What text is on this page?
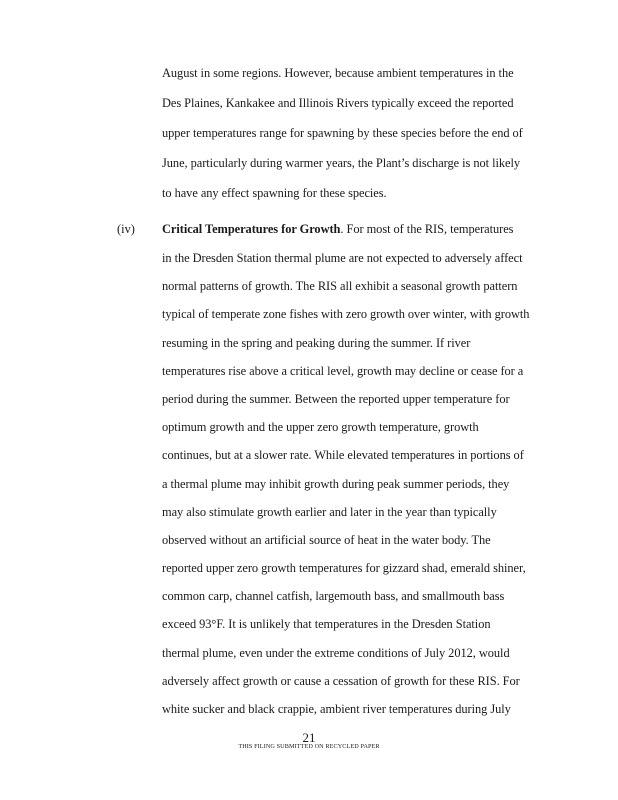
August in some regions. However, because ambient temperatures in the
Des Plaines, Kankakee and Illinois Rivers typically exceed the reported
upper temperatures range for spawning by these species before the end of
June, particularly during warmer years, the Plant’s discharge is not likely
to have any effect spawning for these species.
(iv) Critical Temperatures for Growth. For most of the RIS, temperatures
in the Dresden Station thermal plume are not expected to adversely affect
normal patterns of growth. The RIS all exhibit a seasonal growth pattern
typical of temperate zone fishes with zero growth over winter, with growth
resuming in the spring and peaking during the summer. If river
temperatures rise above a critical level, growth may decline or cease for a
period during the summer. Between the reported upper temperature for
optimum growth and the upper zero growth temperature, growth
continues, but at a slower rate. While elevated temperatures in portions of
a thermal plume may inhibit growth during peak summer periods, they
may also stimulate growth earlier and later in the year than typically
observed without an artificial source of heat in the water body. The
reported upper zero growth temperatures for gizzard shad, emerald shiner,
common carp, channel catfish, largemouth bass, and smallmouth bass
exceed 93°F. It is unlikely that temperatures in the Dresden Station
thermal plume, even under the extreme conditions of July 2012, would
adversely affect growth or cause a cessation of growth for these RIS. For
21
THIS FILING SUBMITTED ON RECYCLED PAPER
white sucker and black crappie, ambient river temperatures during July
